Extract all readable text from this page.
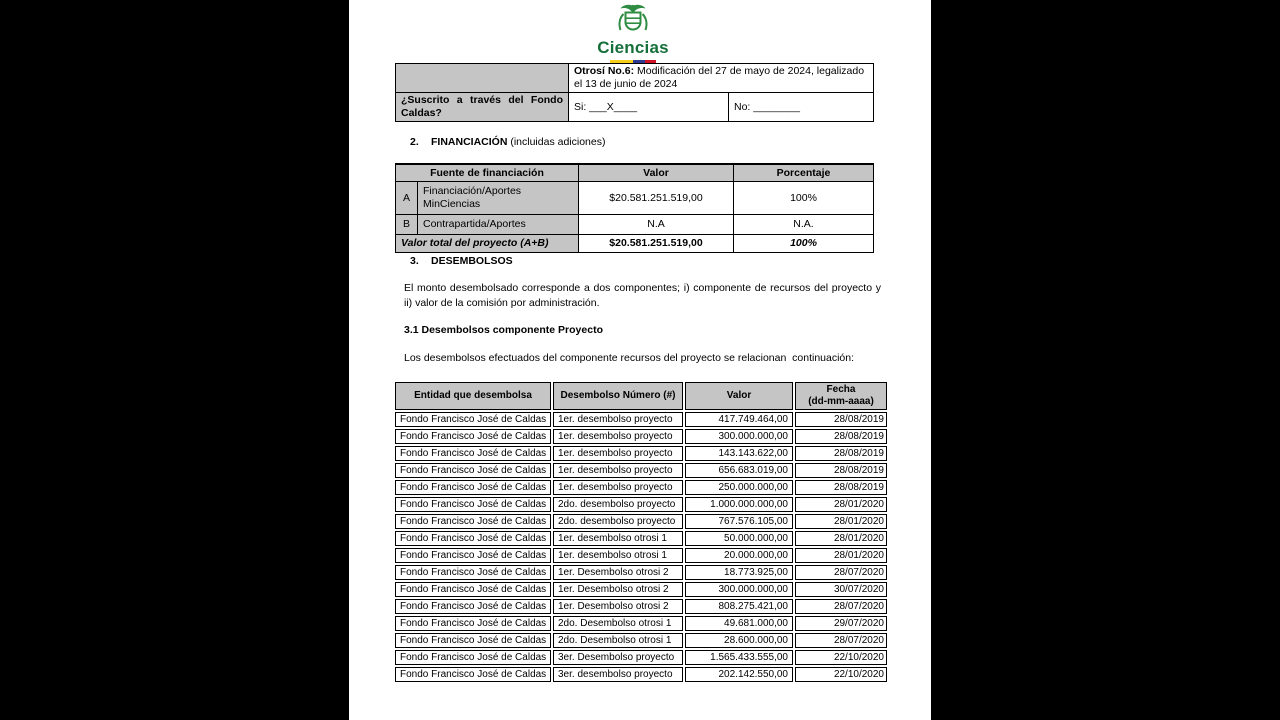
Ciencias
	Otrosí No.6: Modificación del 27 de mayo de 2024, legalizado el 13 de junio de 2024	
¿Suscrito a través del Fondo Caldas?	Si: ___X____	No: ________
2. FINANCIACIÓN (incluidas adiciones)
Fuente de financiación		Valor	Porcentaje
A	Financiación/Aportes MinCiencias	$20.581.251.519,00	100%
B	Contrapartida/Aportes	N.A	N.A.
Valor total del proyecto (A+B)		$20.581.251.519,00	100%
3. DESEMBOLSOS
El monto desembolsado corresponde a dos componentes; i) componente de recursos del proyecto y ii) valor de la comisión por administración.
3.1 Desembolsos componente Proyecto
Los desembolsos efectuados del componente recursos del proyecto se relacionan  continuación:
Entidad que desembolsa	Desembolso Número (#)	Valor	Fecha
(dd-mm-aaaa)

Fondo Francisco José de Caldas	1er. desembolso proyecto	417.749.464,00	28/08/2019
Fondo Francisco José de Caldas	1er. desembolso proyecto	300.000.000,00	28/08/2019
Fondo Francisco José de Caldas	1er. desembolso proyecto	143.143.622,00	28/08/2019
Fondo Francisco José de Caldas	1er. desembolso proyecto	656.683.019,00	28/08/2019
Fondo Francisco José de Caldas	1er. desembolso proyecto	250.000.000,00	28/08/2019
Fondo Francisco José de Caldas	2do. desembolso proyecto	1.000.000.000,00	28/01/2020
Fondo Francisco José de Caldas	2do. desembolso proyecto	767.576.105,00	28/01/2020
Fondo Francisco José de Caldas	1er. desembolso otrosi 1	50.000.000,00	28/01/2020
Fondo Francisco José de Caldas	1er. desembolso otrosi 1	20.000.000,00	28/01/2020
Fondo Francisco José de Caldas	1er. Desembolso otrosi 2	18.773.925,00	28/07/2020
Fondo Francisco José de Caldas	1er. Desembolso otrosi 2	300.000.000,00	30/07/2020
Fondo Francisco José de Caldas	1er. Desembolso otrosi 2	808.275.421,00	28/07/2020
Fondo Francisco José de Caldas	2do. Desembolso otrosi 1	49.681.000,00	29/07/2020
Fondo Francisco José de Caldas	2do. Desembolso otrosi 1	28.600.000,00	28/07/2020
Fondo Francisco José de Caldas	3er. Desembolso proyecto	1.565.433.555,00	22/10/2020
Fondo Francisco José de Caldas	3er. desembolso proyecto	202.142.550,00	22/10/2020
